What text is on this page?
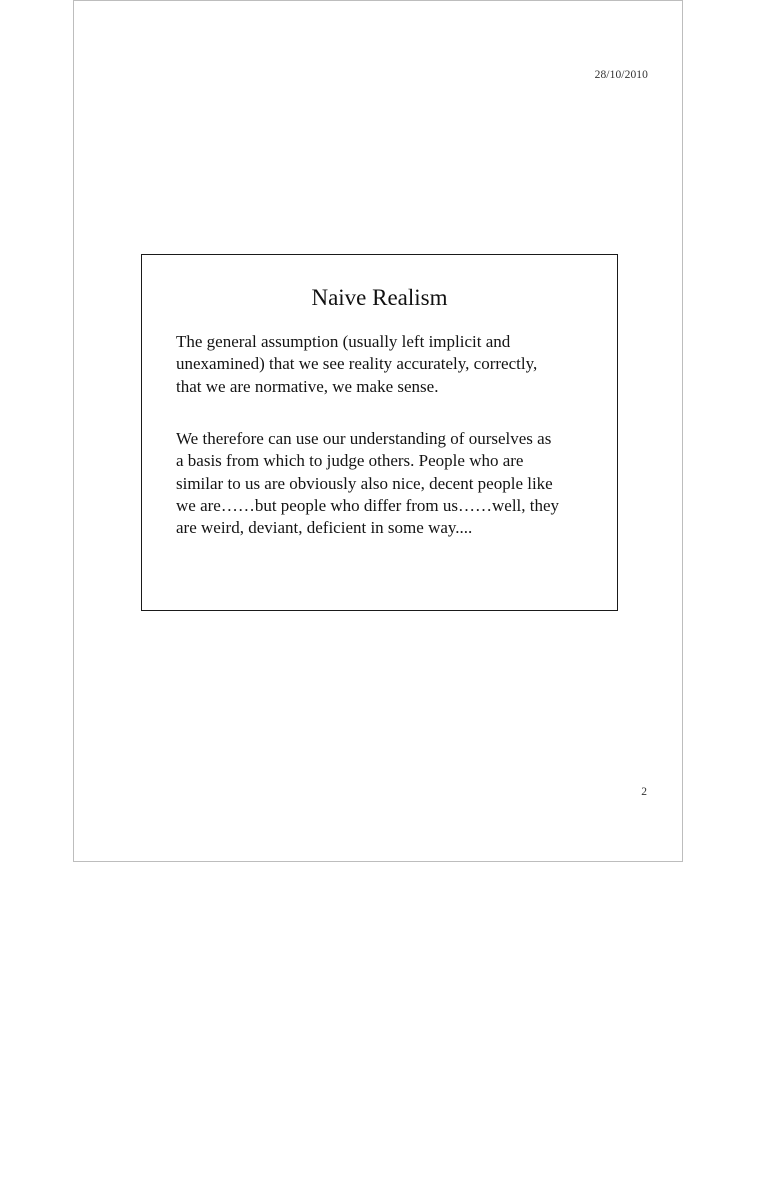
28/10/2010
Naive Realism

The general assumption (usually left implicit and
unexamined) that we see reality accurately, correctly,
that we are normative, we make sense.

We therefore can use our understanding of ourselves as
a basis from which to judge others. People who are
similar to us are obviously also nice, decent people like
we are……but people who differ from us……well, they
are weird, deviant, deficient in some way....

2
